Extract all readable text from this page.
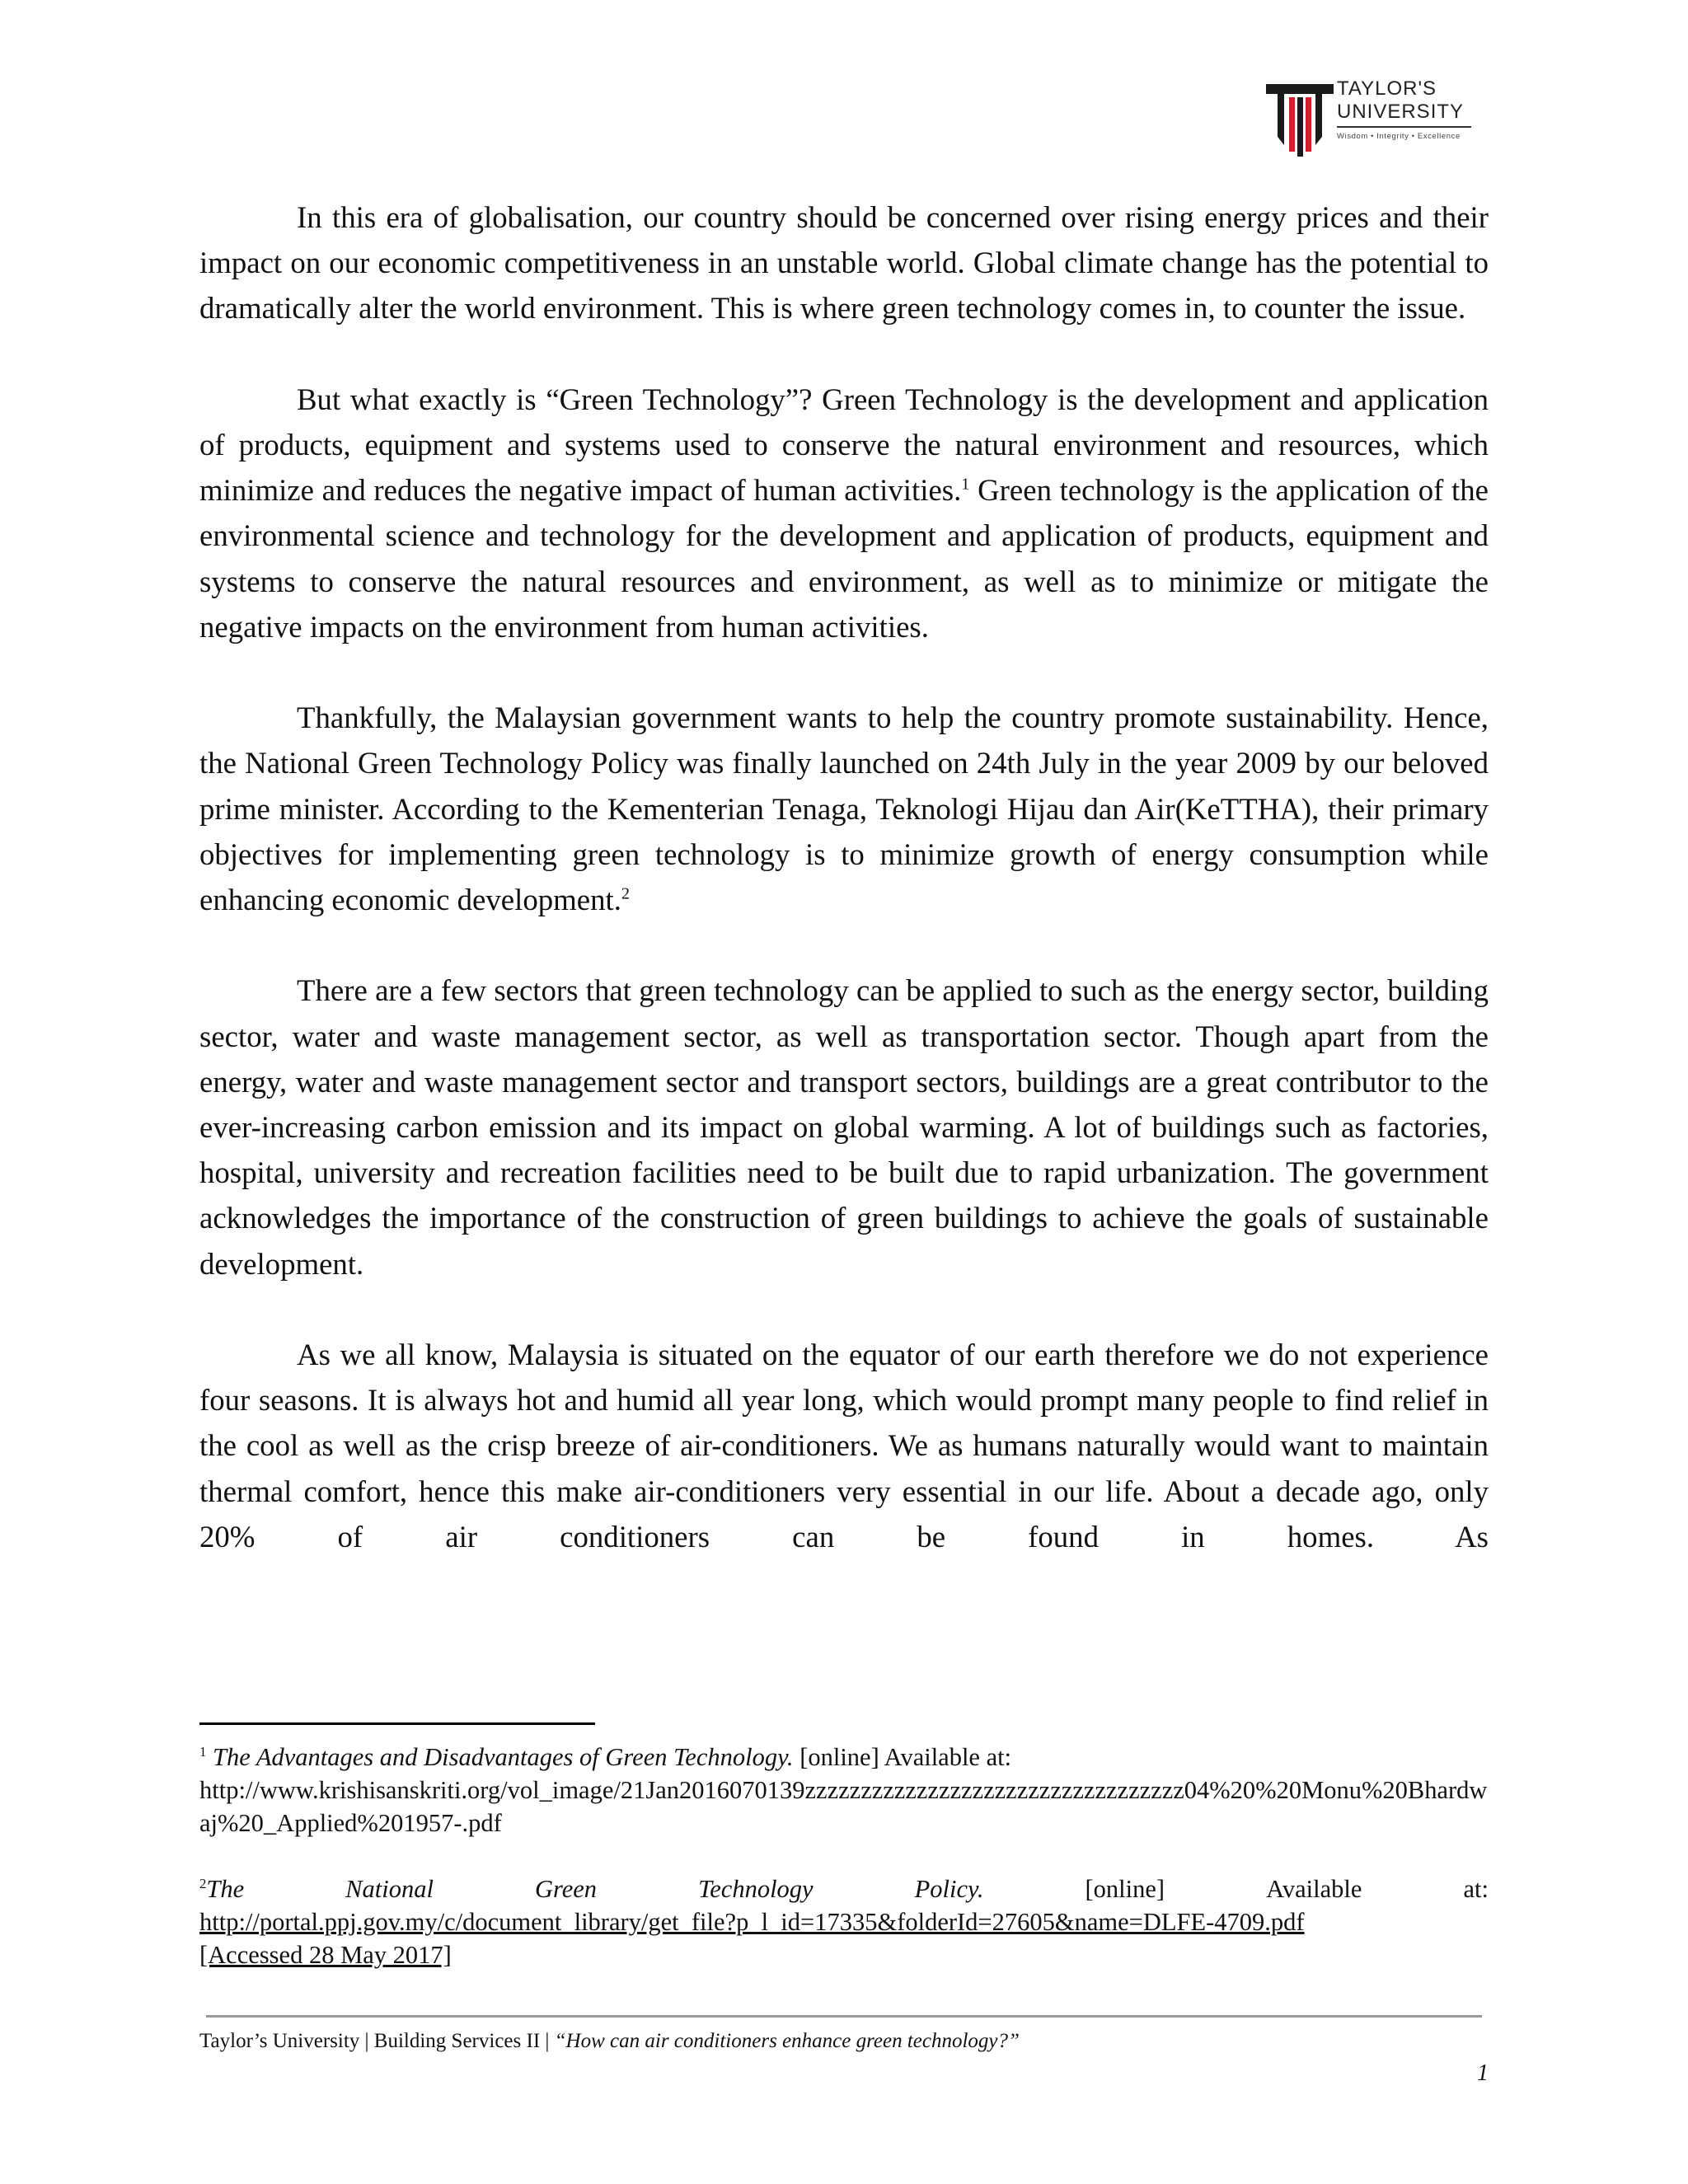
TAYLOR'S
UNIVERSITY
Wisdom • Integrity • Excellence

In this era of globalisation, our country should be concerned over rising energy prices and their impact on our economic competitiveness in an unstable world. Global climate change has the potential to dramatically alter the world environment. This is where green technology comes in, to counter the issue.

But what exactly is “Green Technology”? Green Technology is the development and application of products, equipment and systems used to conserve the natural environment and resources, which minimize and reduces the negative impact of human activities.$^1$ Green technology is the application of the environmental science and technology for the development and application of products, equipment and systems to conserve the natural resources and environment, as well as to minimize or mitigate the negative impacts on the environment from human activities.

Thankfully, the Malaysian government wants to help the country promote sustainability. Hence, the National Green Technology Policy was finally launched on 24th July in the year 2009 by our beloved prime minister. According to the Kementerian Tenaga, Teknologi Hijau dan Air(KeTTHA), their primary objectives for implementing green technology is to minimize growth of energy consumption while enhancing economic development.$^2$

There are a few sectors that green technology can be applied to such as the energy sector, building sector, water and waste management sector, as well as transportation sector. Though apart from the energy, water and waste management sector and transport sectors, buildings are a great contributor to the ever-increasing carbon emission and its impact on global warming. A lot of buildings such as factories, hospital, university and recreation facilities need to be built due to rapid urbanization. The government acknowledges the importance of the construction of green buildings to achieve the goals of sustainable development.

As we all know, Malaysia is situated on the equator of our earth therefore we do not experience four seasons. It is always hot and humid all year long, which would prompt many people to find relief in the cool as well as the crisp breeze of air-conditioners. We as humans naturally would want to maintain thermal comfort, hence this make air-conditioners very essential in our life. About a decade ago, only 20% of air conditioners can be found in homes. As

$^1$ The Advantages and Disadvantages of Green Technology. [online] Available at:
http://www.krishisanskriti.org/vol_image/21Jan2016070139zzzzzzzzzzzzzzzzzzzzzzzzzzzzzzzzzz04%20%20Monu%20Bhardwaj%20_Applied%201957-.pdf
$^2$The	National	Green	Technology	Policy.	[online]	Available	at:
http://portal.ppj.gov.my/c/document_library/get_file?p_l_id=17335&folderId=27605&name=DLFE-4709.pdf
[Accessed 28 May 2017]
Taylor’s University | Building Services II | “How can air conditioners enhance green technology?”
1
